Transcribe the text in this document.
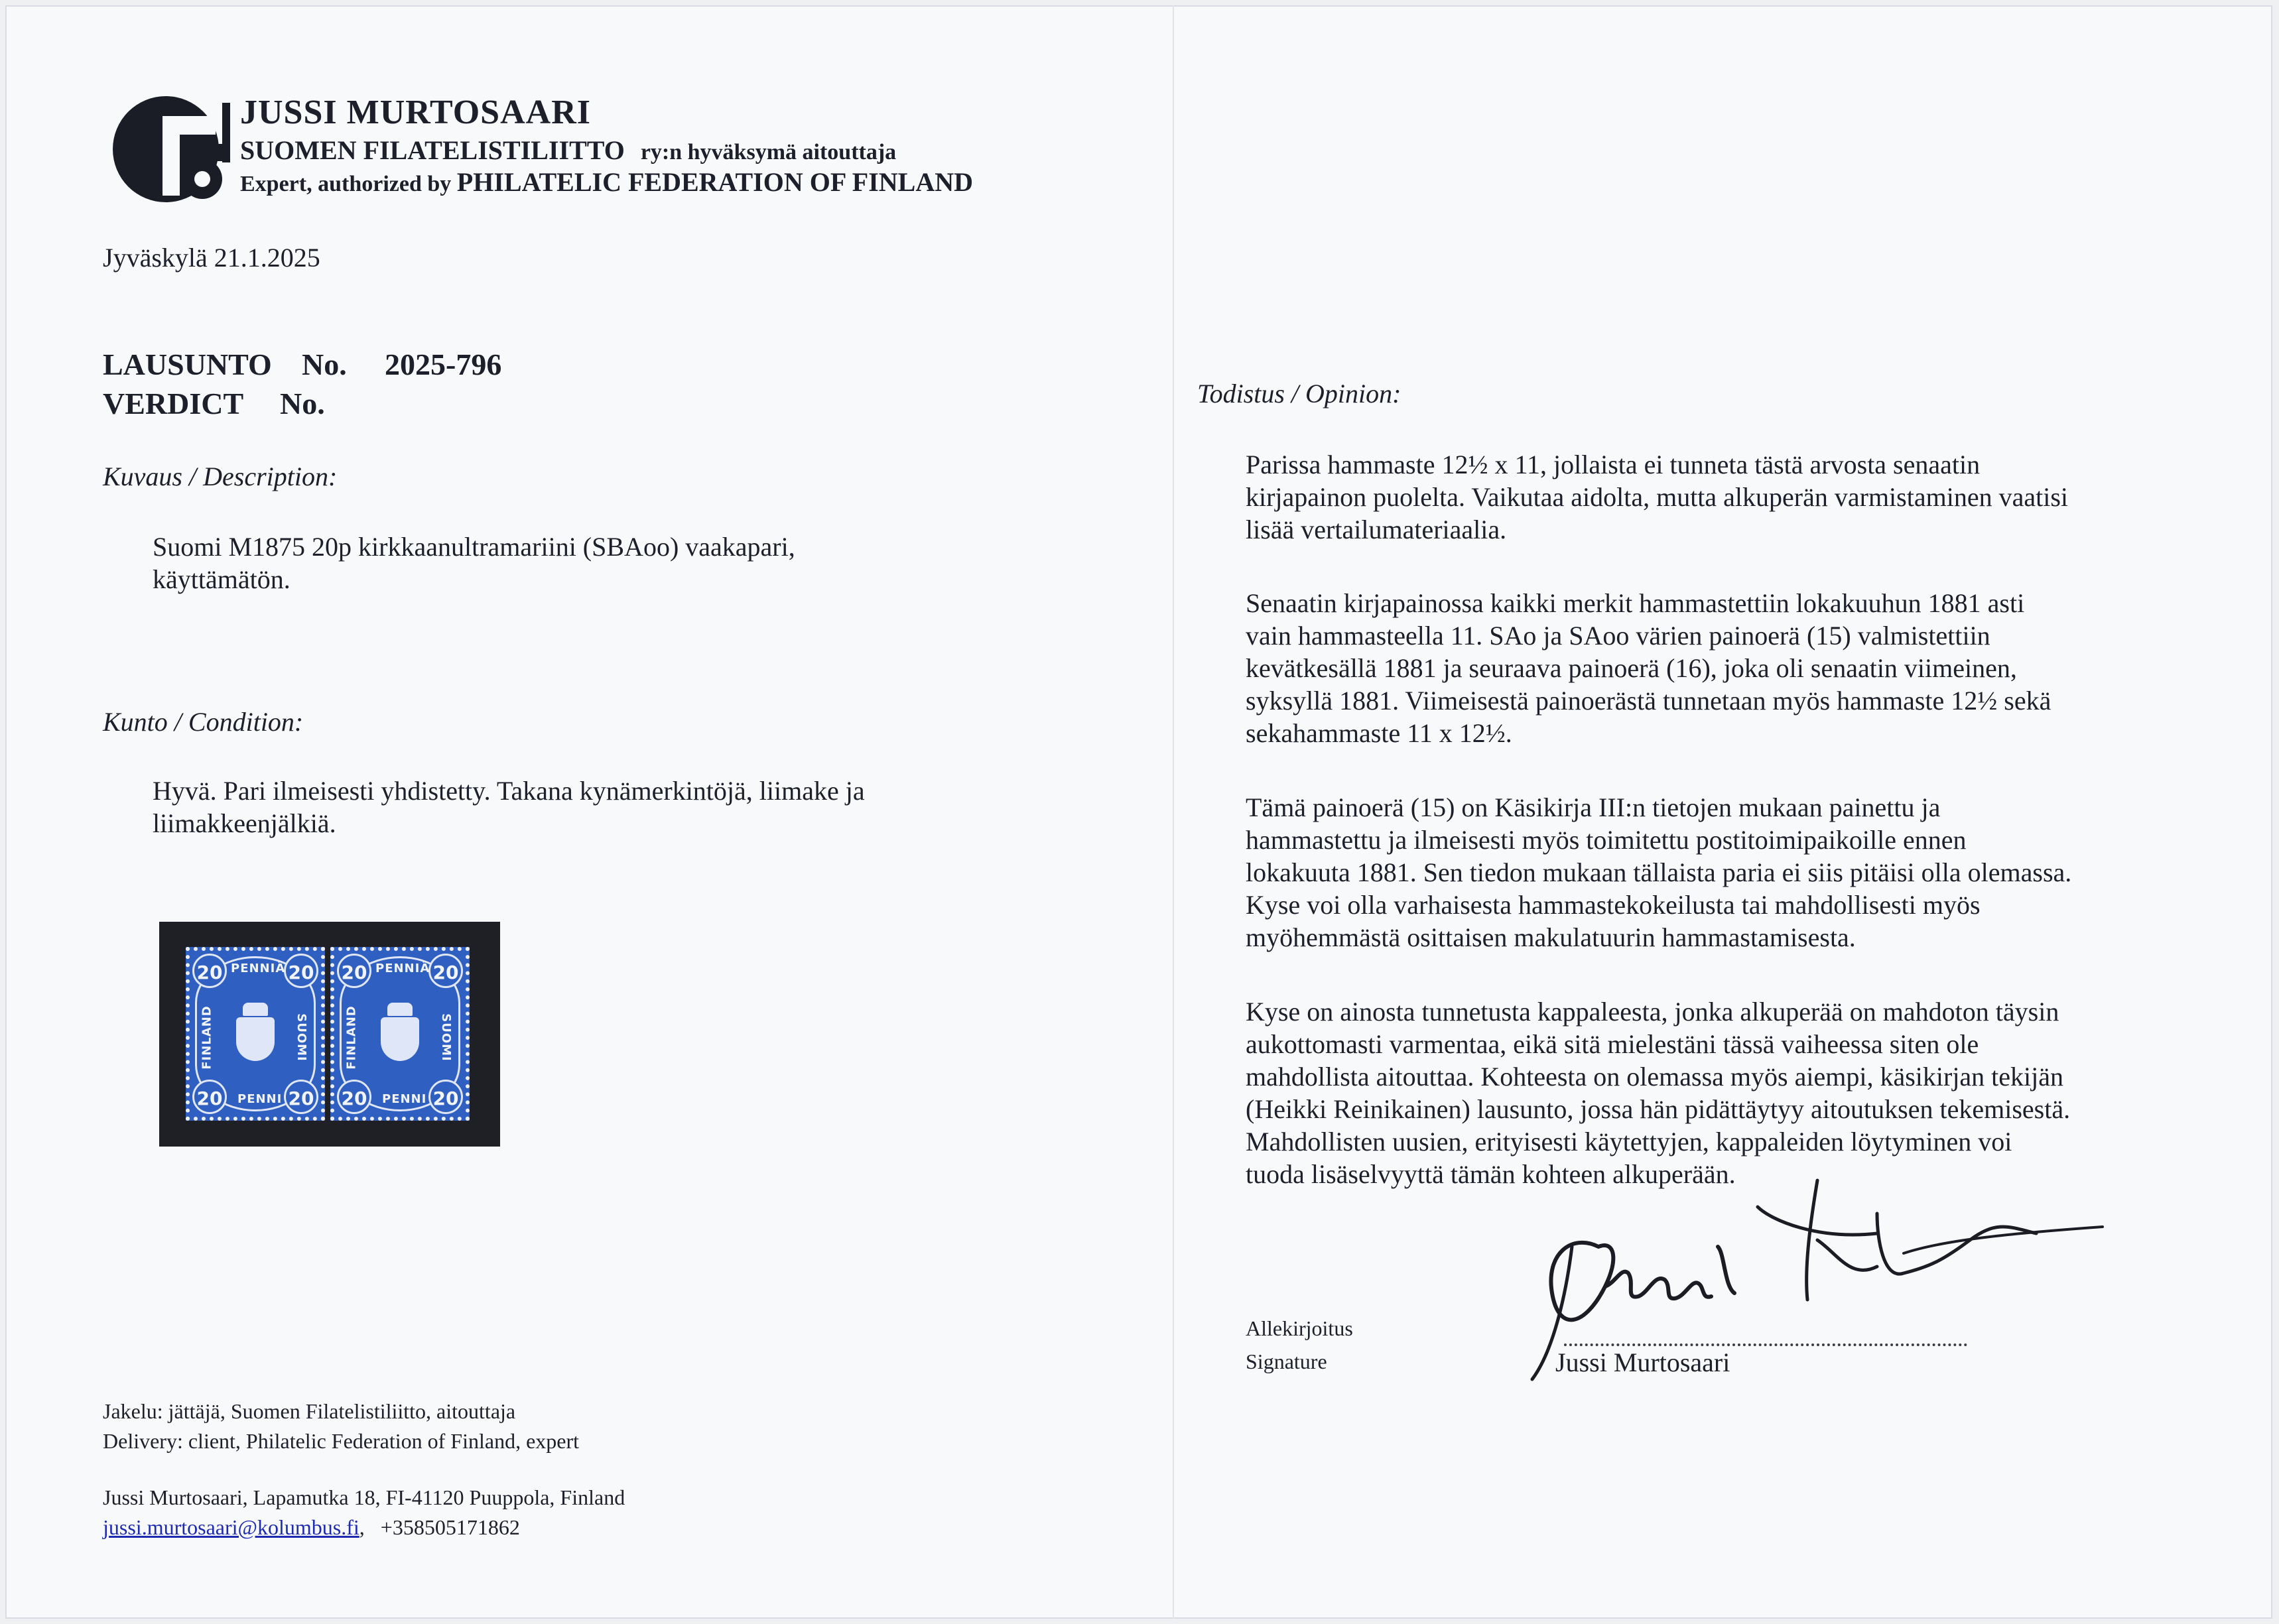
JUSSI MURTOSAARI
SUOMEN FILATELISTILIITTO ry:n hyväksymä aitouttaja
Expert, authorized by PHILATELIC FEDERATION OF FINLAND
Jyväskylä 21.1.2025
LAUSUNTO No. 2025-796
VERDICT No.
Kuvaus / Description:
Suomi M1875 20p kirkkaanultramariini (SBAoo) vaakapari,
käyttämätön.
Kunto / Condition:
Hyvä. Pari ilmeisesti yhdistetty. Takana kynämerkintöjä, liimake ja
liimakkeenjälkiä.
20	20
20	20
PENNIÄ
PENNI
FINLAND	SUOMI
20	20
20	20
PENNIÄ
PENNI
FINLAND	SUOMI
Todistus / Opinion:
Parissa hammaste 12½ x 11, jollaista ei tunneta tästä arvosta senaatin
kirjapainon puolelta. Vaikutaa aidolta, mutta alkuperän varmistaminen vaatisi
lisää vertailumateriaalia.
Senaatin kirjapainossa kaikki merkit hammastettiin lokakuuhun 1881 asti
vain hammasteella 11. SAo ja SAoo värien painoerä (15) valmistettiin
kevätkesällä 1881 ja seuraava painoerä (16), joka oli senaatin viimeinen,
syksyllä 1881. Viimeisestä painoerästä tunnetaan myös hammaste 12½ sekä
sekahammaste 11 x 12½.
Tämä painoerä (15) on Käsikirja III:n tietojen mukaan painettu ja
hammastettu ja ilmeisesti myös toimitettu postitoimipaikoille ennen
lokakuuta 1881. Sen tiedon mukaan tällaista paria ei siis pitäisi olla olemassa.
Kyse voi olla varhaisesta hammastekokeilusta tai mahdollisesti myös
myöhemmästä osittaisen makulatuurin hammastamisesta.
Kyse on ainosta tunnetusta kappaleesta, jonka alkuperää on mahdoton täysin
aukottomasti varmentaa, eikä sitä mielestäni tässä vaiheessa siten ole
mahdollista aitouttaa. Kohteesta on olemassa myös aiempi, käsikirjan tekijän
(Heikki Reinikainen) lausunto, jossa hän pidättäytyy aitoutuksen tekemisestä.
Mahdollisten uusien, erityisesti käytettyjen, kappaleiden löytyminen voi
tuoda lisäselvyyttä tämän kohteen alkuperään.
Allekirjoitus
Signature	Jussi Murtosaari
Jakelu: jättäjä, Suomen Filatelistiliitto, aitouttaja
Delivery: client, Philatelic Federation of Finland, expert
Jussi Murtosaari, Lapamutka 18, FI-41120 Puuppola, Finland
jussi.murtosaari@kolumbus.fi,   +358505171862
